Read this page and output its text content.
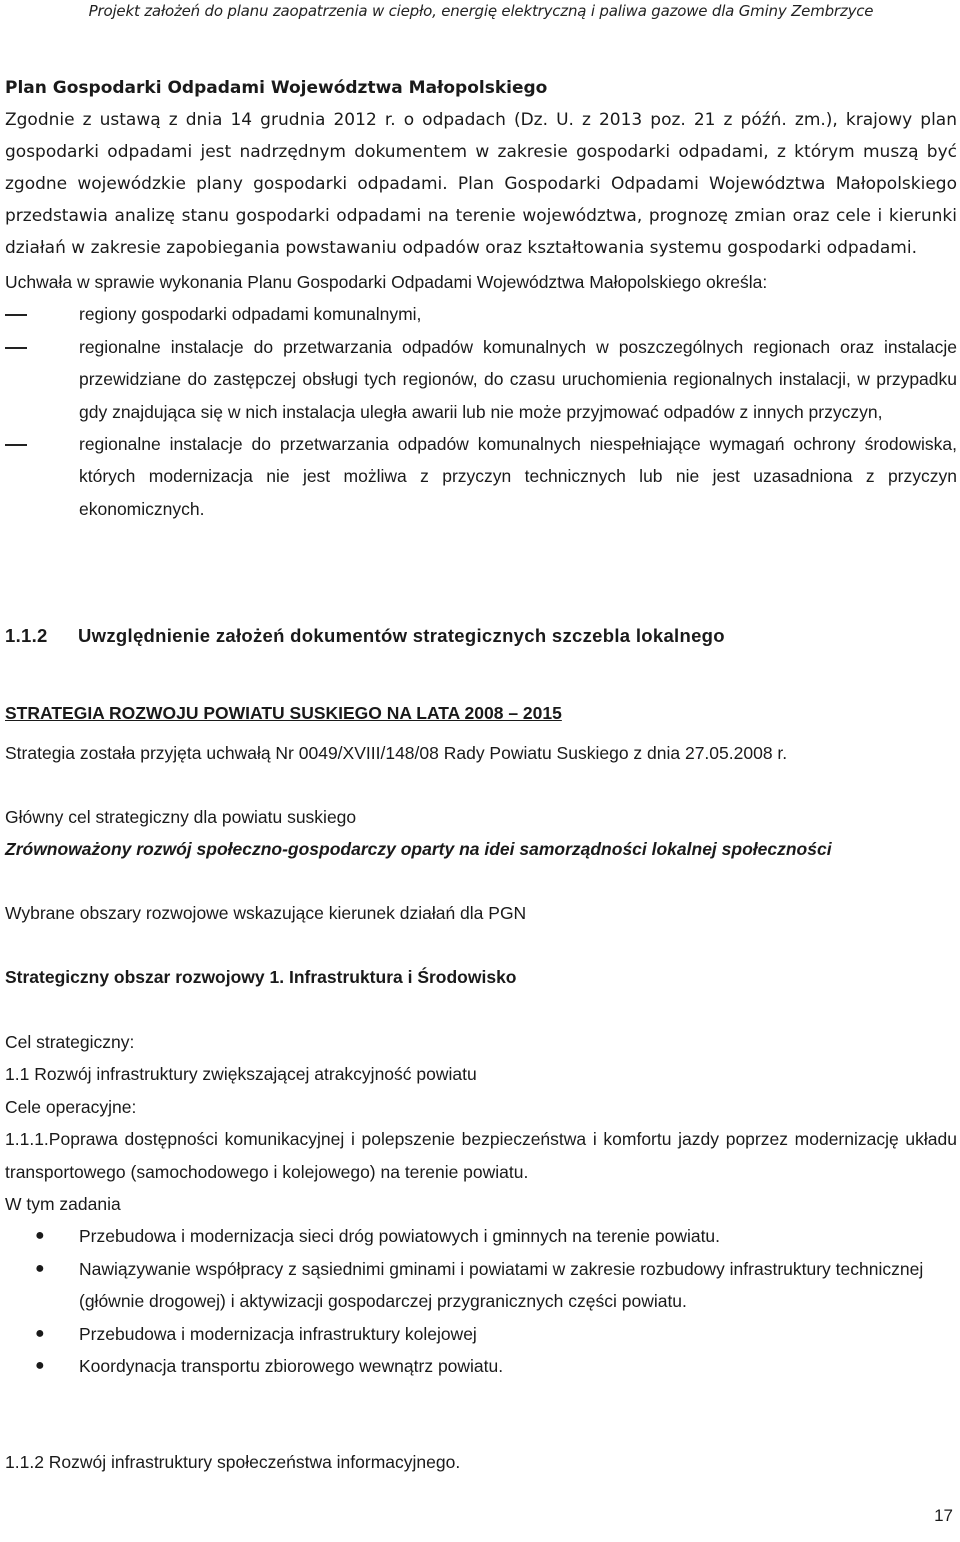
Projekt założeń do planu zaopatrzenia w ciepło, energię elektryczną i paliwa gazowe dla Gminy Zembrzyce

Plan Gospodarki Odpadami Województwa Małopolskiego

Zgodnie z ustawą z dnia 14 grudnia 2012 r. o odpadach (Dz. U. z 2013 poz. 21 z późń. zm.), krajowy plan gospodarki odpadami jest nadrzędnym dokumentem w zakresie gospodarki odpadami, z którym muszą być zgodne wojewódzkie plany gospodarki odpadami. Plan Gospodarki Odpadami Województwa Małopolskiego przedstawia analizę stanu gospodarki odpadami na terenie województwa, prognozę zmian oraz cele i kierunki działań w zakresie zapobiegania powstawaniu odpadów oraz kształtowania systemu gospodarki odpadami.

Uchwała w sprawie wykonania Planu Gospodarki Odpadami Województwa Małopolskiego określa:

regiony gospodarki odpadami komunalnymi,
regionalne instalacje do przetwarzania odpadów komunalnych w poszczególnych regionach oraz instalacje przewidziane do zastępczej obsługi tych regionów, do czasu uruchomienia regionalnych instalacji, w przypadku gdy znajdująca się w nich instalacja uległa awarii lub nie może przyjmować odpadów z innych przyczyn,
regionalne instalacje do przetwarzania odpadów komunalnych niespełniające wymagań ochrony środowiska, których modernizacja nie jest możliwa z przyczyn technicznych lub nie jest uzasadniona z przyczyn ekonomicznych.
1.1.2 Uwzględnienie założeń dokumentów strategicznych szczebla lokalnego

STRATEGIA ROZWOJU POWIATU SUSKIEGO NA LATA 2008 – 2015

Strategia została przyjęta uchwałą Nr 0049/XVIII/148/08 Rady Powiatu Suskiego z dnia 27.05.2008 r.

Główny cel strategiczny dla powiatu suskiego

Zrównoważony rozwój społeczno-gospodarczy oparty na idei samorządności lokalnej społeczności

Wybrane obszary rozwojowe wskazujące kierunek działań dla PGN

Strategiczny obszar rozwojowy 1. Infrastruktura i Środowisko

Cel strategiczny:

1.1 Rozwój infrastruktury zwiększającej atrakcyjność powiatu

Cele operacyjne:

1.1.1.Poprawa dostępności komunikacyjnej i polepszenie bezpieczeństwa i komfortu jazdy poprzez modernizację układu transportowego (samochodowego i kolejowego) na terenie powiatu.

W tym zadania

● Przebudowa i modernizacja sieci dróg powiatowych i gminnych na terenie powiatu.
● Nawiązywanie współpracy z sąsiednimi gminami i powiatami w zakresie rozbudowy infrastruktury technicznej (głównie drogowej) i aktywizacji gospodarczej przygranicznych części powiatu.
● Przebudowa i modernizacja infrastruktury kolejowej
● Koordynacja transportu zbiorowego wewnątrz powiatu.

1.1.2 Rozwój infrastruktury społeczeństwa informacyjnego.

17
